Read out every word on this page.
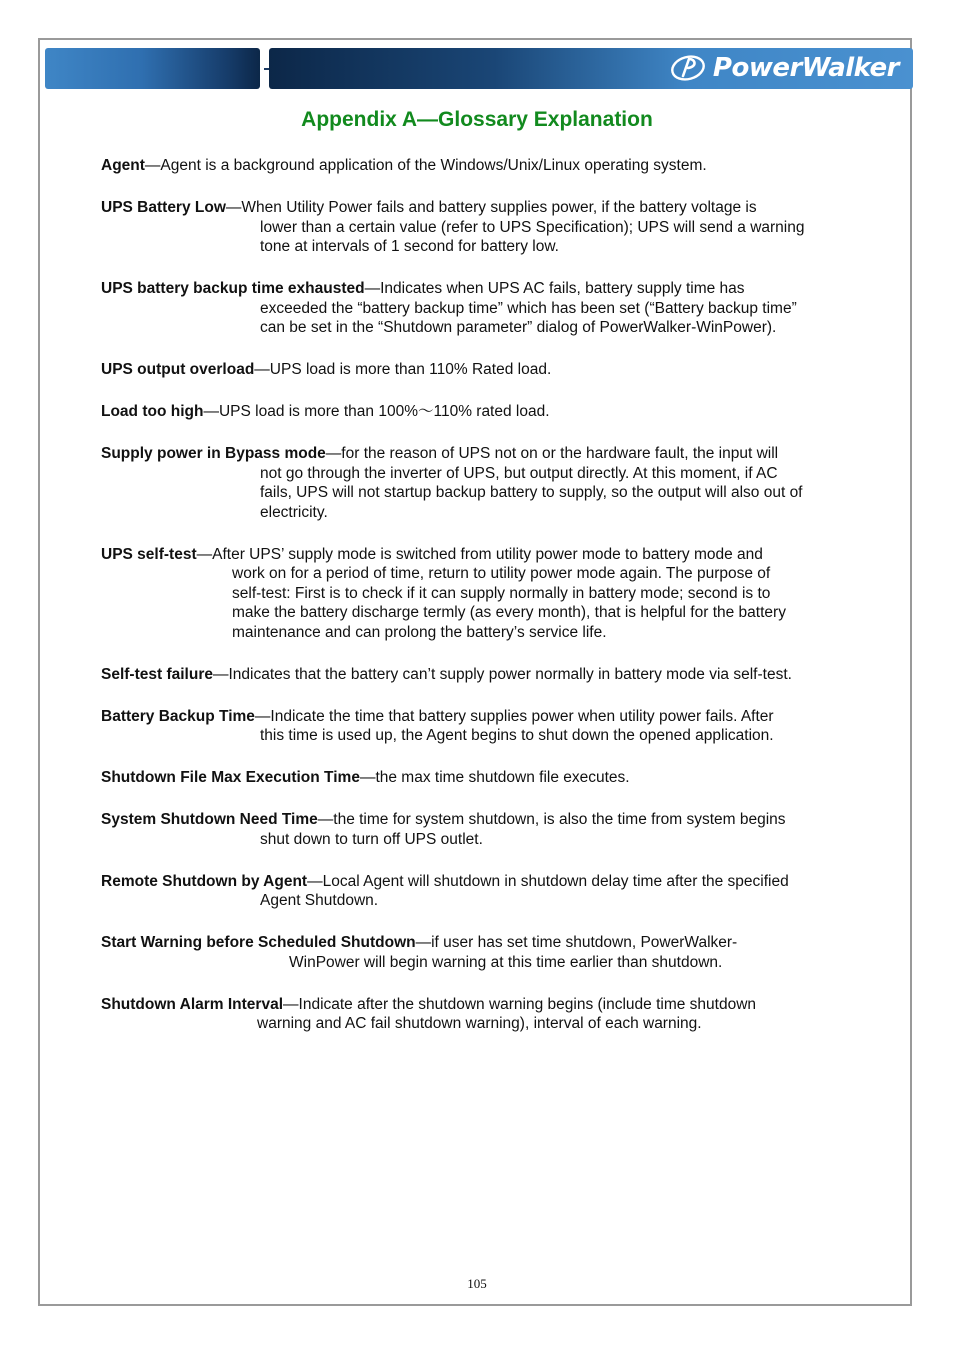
PowerWalker
Appendix A—Glossary Explanation
Agent—Agent is a background application of the Windows/Unix/Linux operating system.
UPS Battery Low—When Utility Power fails and battery supplies power, if the battery voltage is
lower than a certain value (refer to UPS Specification); UPS will send a warning
tone at intervals of 1 second for battery low.
UPS battery backup time exhausted—Indicates when UPS AC fails, battery supply time has
exceeded the “battery backup time” which has been set (“Battery backup time”
can be set in the “Shutdown parameter” dialog of PowerWalker-WinPower).
UPS output overload—UPS load is more than 110% Rated load.
Load too high—UPS load is more than 100%～110% rated load.
Supply power in Bypass mode—for the reason of UPS not on or the hardware fault, the input will
not go through the inverter of UPS, but output directly. At this moment, if AC
fails, UPS will not startup backup battery to supply, so the output will also out of
electricity.
UPS self-test—After UPS’ supply mode is switched from utility power mode to battery mode and
work on for a period of time, return to utility power mode again. The purpose of
self-test: First is to check if it can supply normally in battery mode; second is to
make the battery discharge termly (as every month), that is helpful for the battery
maintenance and can prolong the battery’s service life.
Self-test failure—Indicates that the battery can’t supply power normally in battery mode via self-test.
Battery Backup Time—Indicate the time that battery supplies power when utility power fails. After
this time is used up, the Agent begins to shut down the opened application.
Shutdown File Max Execution Time—the max time shutdown file executes.
System Shutdown Need Time—the time for system shutdown, is also the time from system begins
shut down to turn off UPS outlet.
Remote Shutdown by Agent—Local Agent will shutdown in shutdown delay time after the specified
Agent Shutdown.
Start Warning before Scheduled Shutdown—if user has set time shutdown, PowerWalker-
WinPower will begin warning at this time earlier than shutdown.
Shutdown Alarm Interval—Indicate after the shutdown warning begins (include time shutdown
warning and AC fail shutdown warning), interval of each warning.
105
